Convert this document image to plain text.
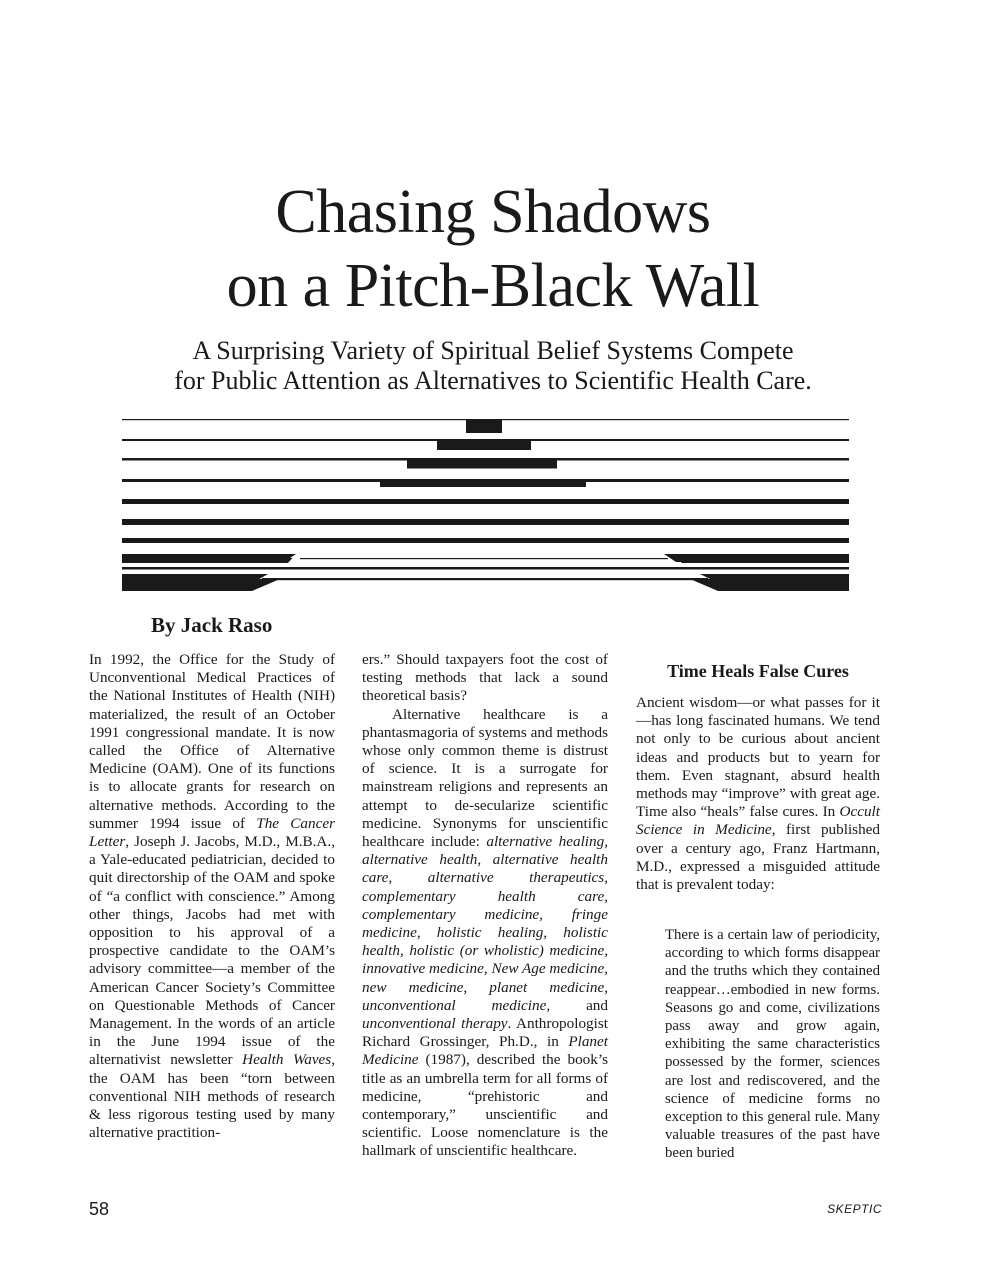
Chasing Shadows
on a Pitch-Black Wall
A Surprising Variety of Spiritual Belief Systems Compete
for Public Attention as Alternatives to Scientific Health Care.

By Jack Raso

In 1992, the Office for the Study of Unconventional Medical Practices of the National Institutes of Health (NIH) materialized, the result of an October 1991 congressional mandate. It is now called the Office of Alternative Medicine (OAM). One of its functions is to allocate grants for research on alternative methods. According to the summer 1994 issue of The Cancer Letter, Joseph J. Jacobs, M.D., M.B.A., a Yale-educated pediatrician, decided to quit directorship of the OAM and spoke of “a conflict with conscience.” Among other things, Jacobs had met with opposition to his approval of a prospective candidate to the OAM’s advisory committee—a member of the American Cancer Society’s Committee on Questionable Methods of Cancer Management. In the words of an article in the June 1994 issue of the alternativist newsletter Health Waves, the OAM has been “torn between conventional NIH methods of research & less rigorous testing used by many alternative practition-

ers.” Should taxpayers foot the cost of testing methods that lack a sound theoretical basis?

Alternative healthcare is a phantasmagoria of systems and methods whose only common theme is distrust of science. It is a surrogate for mainstream religions and represents an attempt to de-secularize scientific medicine. Synonyms for unscientific healthcare include: alternative healing, alternative health, alternative health care, alternative therapeutics, complementary health care, complementary medicine, fringe medicine, holistic healing, holistic health, holistic (or wholistic) medicine, innovative medicine, New Age medicine, new medicine, planet medicine, unconventional medicine, and unconventional therapy. Anthropologist Richard Grossinger, Ph.D., in Planet Medicine (1987), described the book’s title as an umbrella term for all forms of medicine, “prehistoric and contemporary,” unscientific and scientific. Loose nomenclature is the hallmark of unscientific healthcare.

Time Heals False Cures

Ancient wisdom—or what passes for it—has long fascinated humans. We tend not only to be curious about ancient ideas and products but to yearn for them. Even stagnant, absurd health methods may “improve” with great age. Time also “heals” false cures. In Occult Science in Medicine, first published over a century ago, Franz Hartmann, M.D., expressed a misguided attitude that is prevalent today:

There is a certain law of periodicity, according to which forms disappear and the truths which they contained reappear…embodied in new forms. Seasons go and come, civilizations pass away and grow again, exhibiting the same characteristics possessed by the former, sciences are lost and rediscovered, and the science of medicine forms no exception to this general rule. Many valuable treasures of the past have been buried

58	SKEPTIC
